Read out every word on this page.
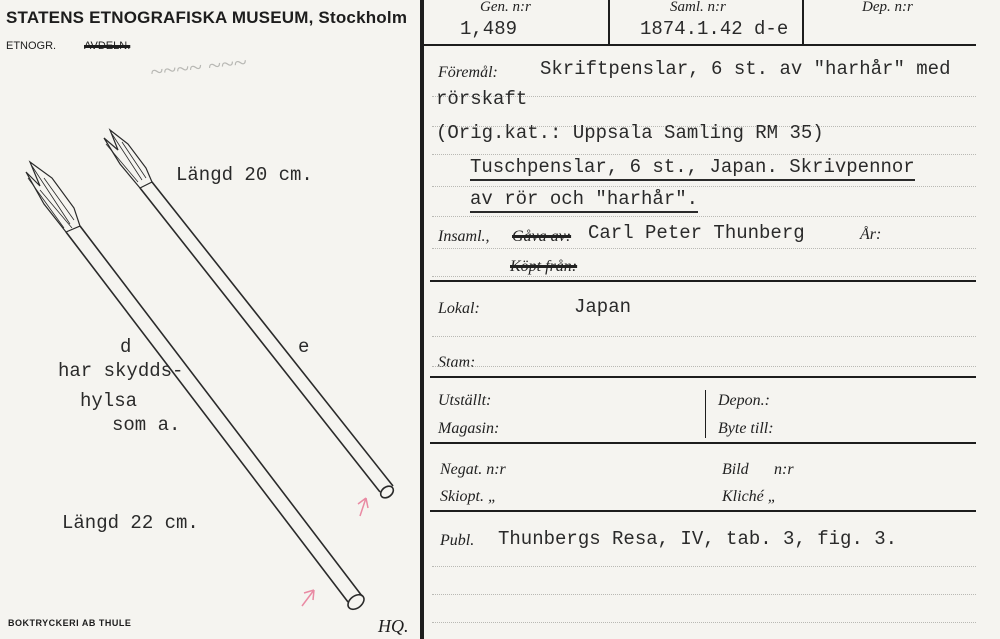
STATENS ETNOGRAFISKA MUSEUM, Stockholm
ETNOGR.	AVDELN.
~~~~ ~~~
Längd 20 cm.
d	e
har skydds-
hylsa
som a.
Längd 22 cm.
BOKTRYCKERI AB THULE	HQ.
Gen. n:r
1,489
Saml. n:r
1874.1.42 d-e
Dep. n:r
Föremål: Skriftpenslar, 6 st. av "harhår" med
rörskaft
(Orig.kat.: Uppsala Samling RM 35)
Tuschpenslar, 6 st., Japan. Skrivpennor
av rör och "harhår".
Insaml., Gåva av: Carl Peter Thunberg	År:
Köpt från:
Lokal:	Japan
Stam:
Utställt:	Depon.:
Magasin:	Byte till:
Negat. n:r	Bild n:r
Skiopt. „	Kliché „
Publ. Thunbergs Resa, IV, tab. 3, fig. 3.
